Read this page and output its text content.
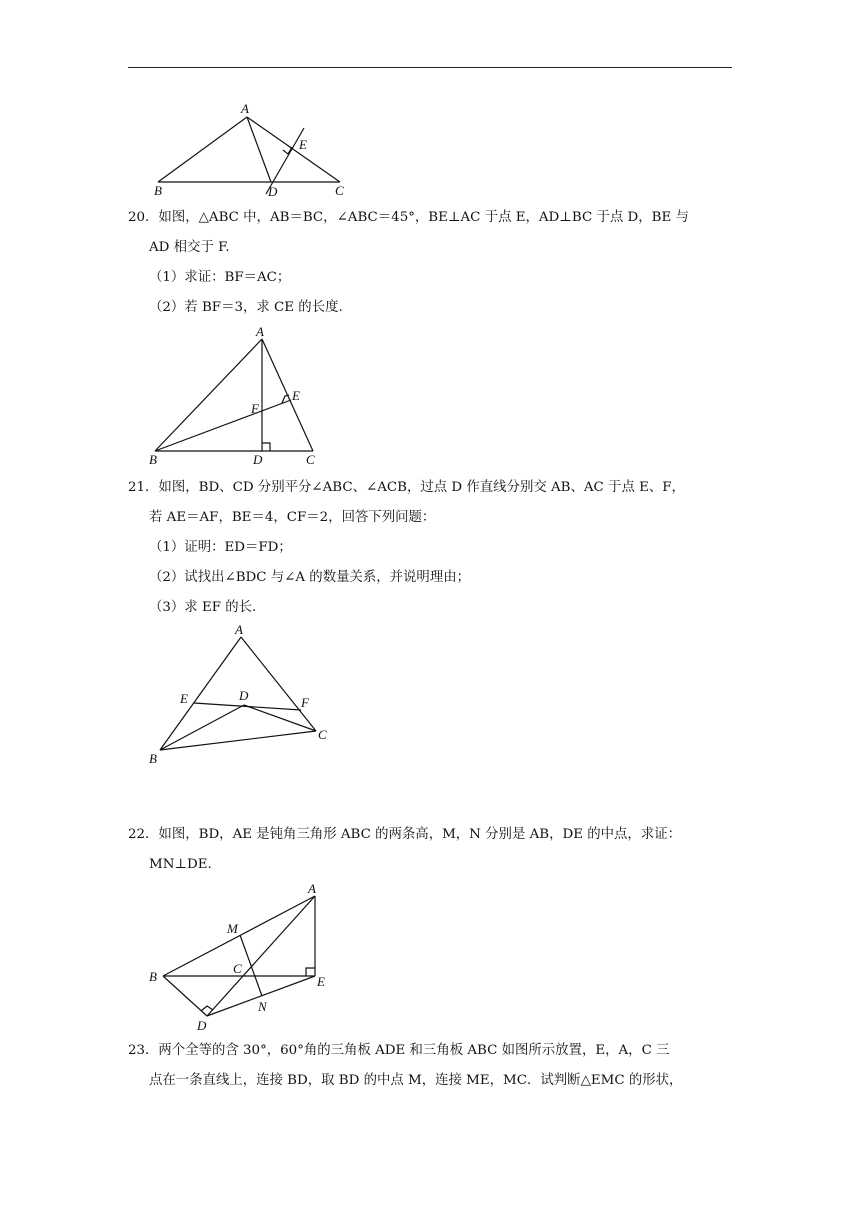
A
B	D	C
E
20．如图，△ABC 中，AB＝BC，∠ABC＝45°，BE⊥AC 于点 E，AD⊥BC 于点 D，BE 与
AD 相交于 F.
（1）求证：BF＝AC；
（2）若 BF＝3，求 CE 的长度.
A
E
F
B	D	C
21．如图，BD、CD 分别平分∠ABC、∠ACB，过点 D 作直线分别交 AB、AC 于点 E、F，
若 AE＝AF，BE＝4，CF＝2，回答下列问题：
（1）证明：ED＝FD；
（2）试找出∠BDC 与∠A 的数量关系，并说明理由；
（3）求 EF 的长.
A
E	D	F
C
B
22．如图，BD，AE 是钝角三角形 ABC 的两条高，M，N 分别是 AB，DE 的中点，求证：
MN⊥DE.
A
M
B
C
E
N
D
23．两个全等的含 30°，60°角的三角板 ADE 和三角板 ABC 如图所示放置，E，A，C 三
点在一条直线上，连接 BD，取 BD 的中点 M，连接 ME，MC．试判断△EMC 的形状，
